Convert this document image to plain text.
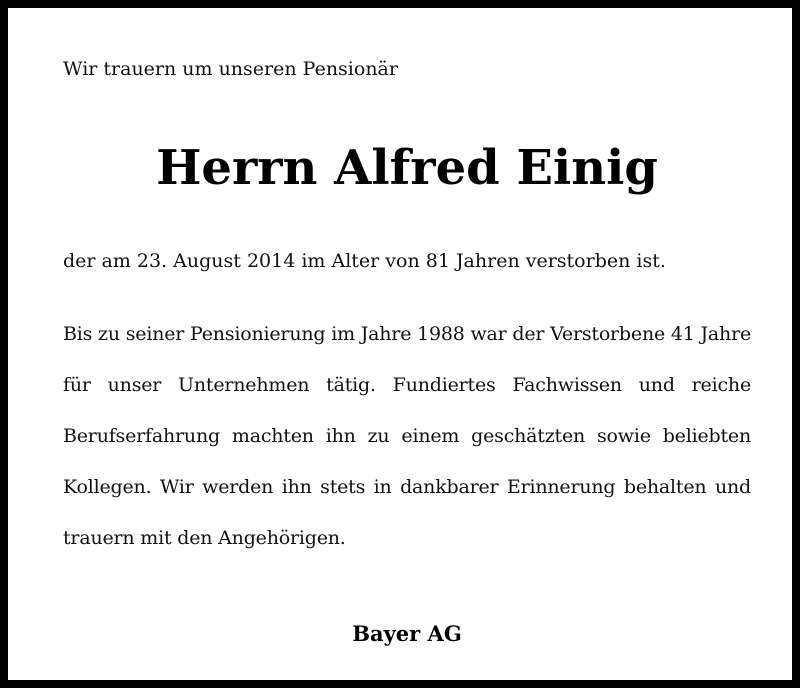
Wir trauern um unseren Pensionär
Herrn Alfred Einig
der am 23. August 2014 im Alter von 81 Jahren verstorben ist.

Bis zu seiner Pensionierung im Jahre 1988 war der Verstorbene 41 Jahre für unser Unternehmen tätig. Fundiertes Fachwissen und reiche Berufserfahrung machten ihn zu einem geschätzten sowie beliebten Kollegen. Wir werden ihn stets in dankbarer Erinnerung behalten und trauern mit den Angehörigen.

Bayer AG
